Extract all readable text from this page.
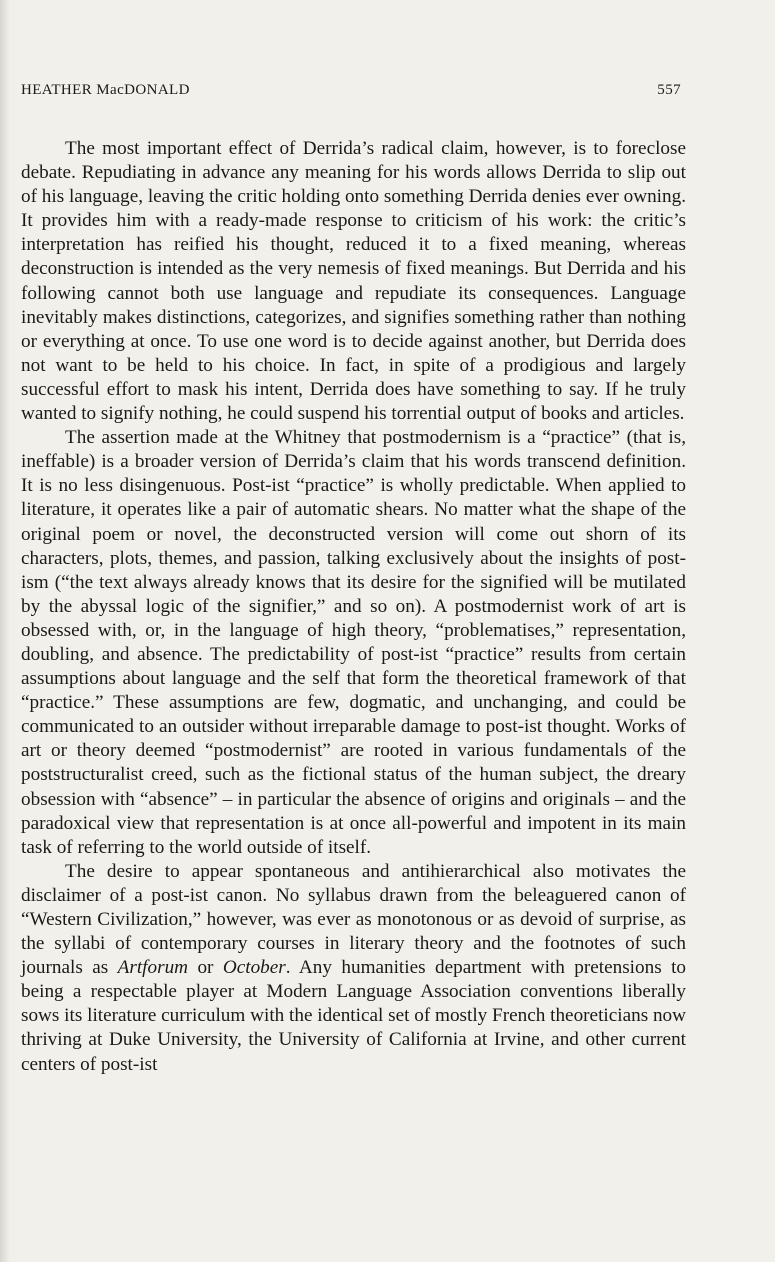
HEATHER MacDONALD	557

The most important effect of Derrida’s radical claim, however, is to foreclose debate. Repudiating in advance any meaning for his words allows Derrida to slip out of his language, leaving the critic holding onto something Derrida denies ever owning. It provides him with a ready-made response to criticism of his work: the critic’s interpretation has reified his thought, reduced it to a fixed meaning, whereas deconstruction is intended as the very nemesis of fixed meanings. But Derrida and his following cannot both use language and repudiate its consequences. Language inevitably makes distinctions, categorizes, and signifies something rather than nothing or everything at once. To use one word is to decide against another, but Derrida does not want to be held to his choice. In fact, in spite of a prodigious and largely successful effort to mask his intent, Derrida does have something to say. If he truly wanted to signify nothing, he could suspend his torrential output of books and articles.

The assertion made at the Whitney that postmodernism is a “practice” (that is, ineffable) is a broader version of Derrida’s claim that his words transcend definition. It is no less disingenuous. Post-ist “practice” is wholly predictable. When applied to literature, it operates like a pair of automatic shears. No matter what the shape of the original poem or novel, the deconstructed version will come out shorn of its characters, plots, themes, and passion, talking exclusively about the insights of post-ism (“the text always already knows that its desire for the signified will be mutilated by the abyssal logic of the signifier,” and so on). A postmodernist work of art is obsessed with, or, in the language of high theory, “problematises,” representation, doubling, and absence. The predictability of post-ist “practice” results from certain assumptions about language and the self that form the theoretical framework of that “practice.” These assumptions are few, dogmatic, and unchanging, and could be communicated to an outsider without irreparable damage to post-ist thought. Works of art or theory deemed “postmodernist” are rooted in various fundamentals of the poststructuralist creed, such as the fictional status of the human subject, the dreary obsession with “absence” – in particular the absence of origins and originals – and the paradoxical view that representation is at once all-powerful and impotent in its main task of referring to the world outside of itself.

The desire to appear spontaneous and antihierarchical also motivates the disclaimer of a post-ist canon. No syllabus drawn from the beleaguered canon of “Western Civilization,” however, was ever as monotonous or as devoid of surprise, as the syllabi of contemporary courses in literary theory and the footnotes of such journals as Artforum or October. Any humanities department with pretensions to being a respectable player at Modern Language Association conventions liberally sows its literature curriculum with the identical set of mostly French theoreticians now thriving at Duke University, the University of California at Irvine, and other current centers of post-ist
